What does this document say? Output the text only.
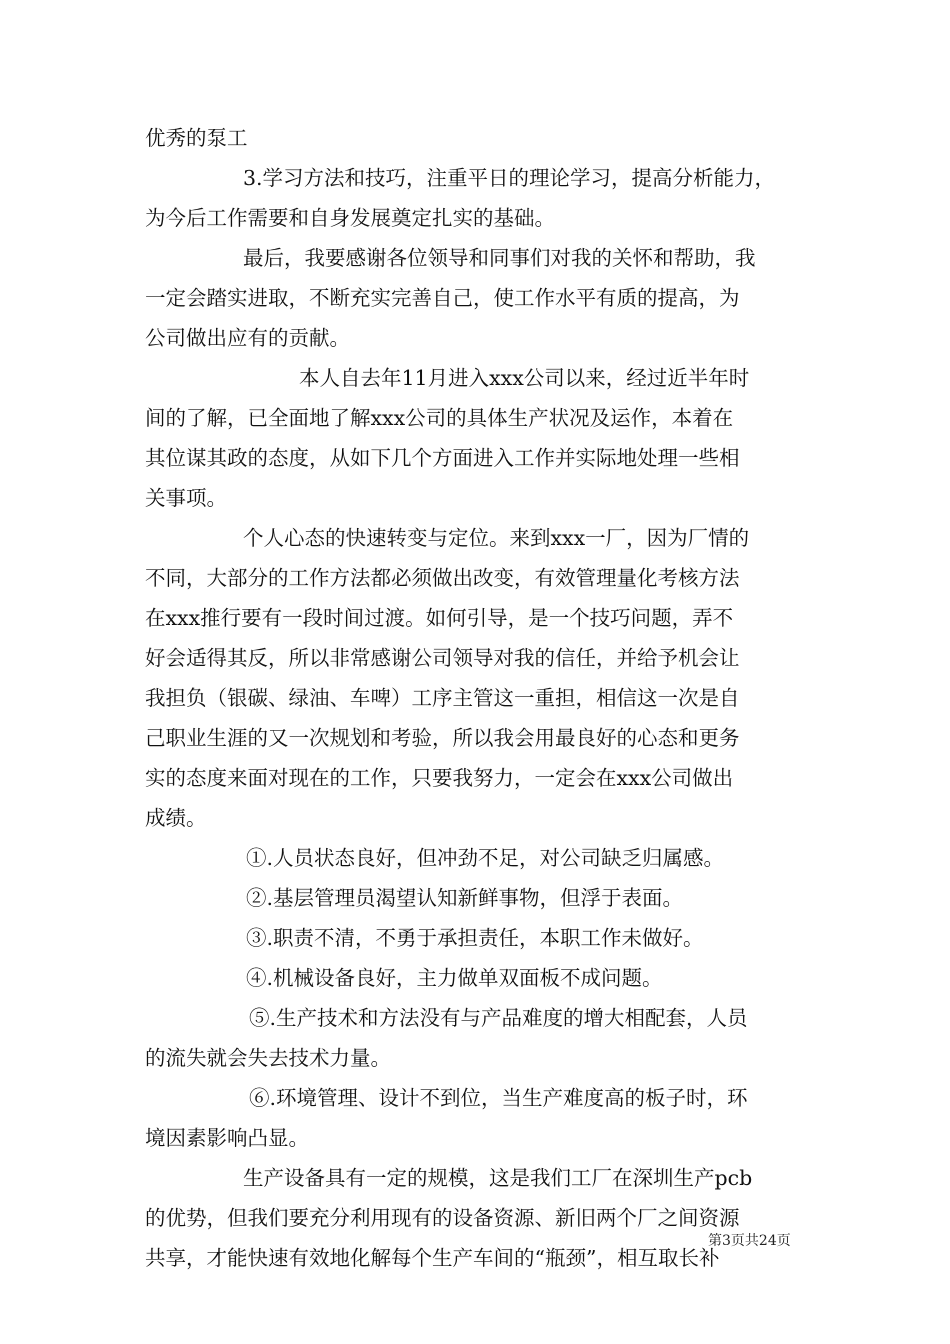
优秀的泵工
3.学习方法和技巧，注重平日的理论学习，提高分析能力，
为今后工作需要和自身发展奠定扎实的基础。
最后，我要感谢各位领导和同事们对我的关怀和帮助，我
一定会踏实进取，不断充实完善自己，使工作水平有质的提高，为
公司做出应有的贡献。
本人自去年11月进入xxx公司以来，经过近半年时
间的了解，已全面地了解xxx公司的具体生产状况及运作，本着在
其位谋其政的态度，从如下几个方面进入工作并实际地处理一些相
关事项。
个人心态的快速转变与定位。来到xxx一厂，因为厂情的
不同，大部分的工作方法都必须做出改变，有效管理量化考核方法
在xxx推行要有一段时间过渡。如何引导，是一个技巧问题，弄不
好会适得其反，所以非常感谢公司领导对我的信任，并给予机会让
我担负（银碳、绿油、车啤）工序主管这一重担，相信这一次是自
己职业生涯的又一次规划和考验，所以我会用最良好的心态和更务
实的态度来面对现在的工作，只要我努力，一定会在xxx公司做出
成绩。
①.人员状态良好，但冲劲不足，对公司缺乏归属感。
②.基层管理员渴望认知新鲜事物，但浮于表面。
③.职责不清，不勇于承担责任，本职工作未做好。
④.机械设备良好，主力做单双面板不成问题。
⑤.生产技术和方法没有与产品难度的增大相配套，人员
的流失就会失去技术力量。
⑥.环境管理、设计不到位，当生产难度高的板子时，环
境因素影响凸显。
生产设备具有一定的规模，这是我们工厂在深圳生产pcb
的优势，但我们要充分利用现有的设备资源、新旧两个厂之间资源
共享，才能快速有效地化解每个生产车间的“瓶颈”，相互取长补
第3页共24页
